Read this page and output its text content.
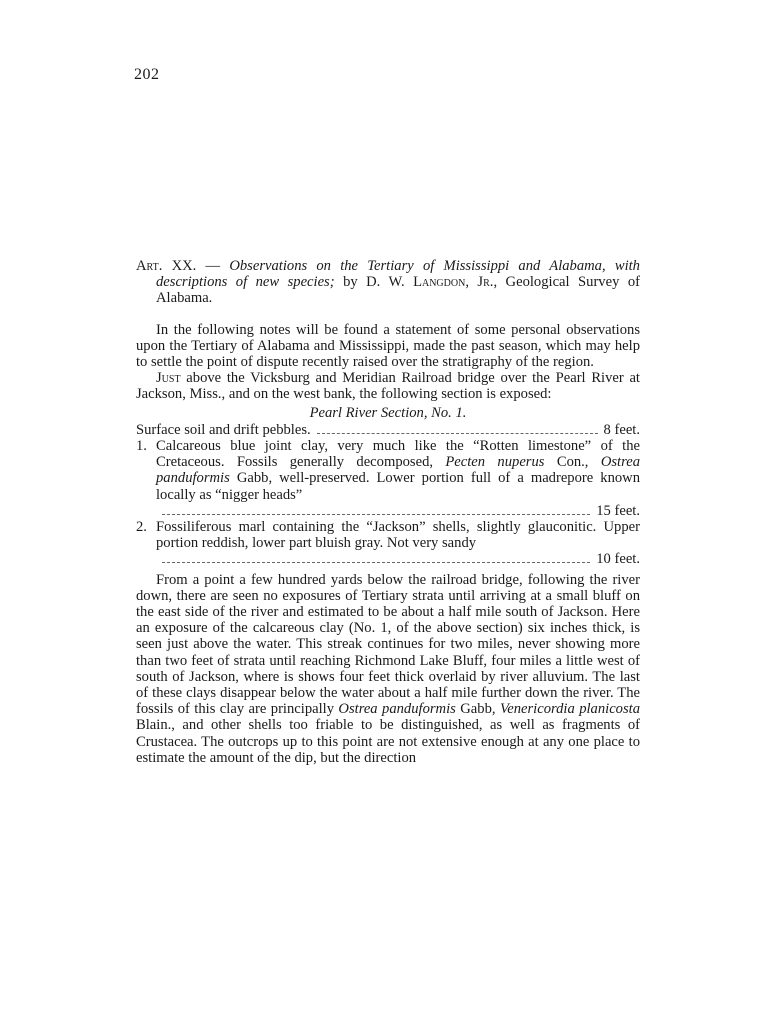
202
Art. XX. — Observations on the Tertiary of Mississippi and Alabama, with descriptions of new species; by D. W. Langdon, Jr., Geological Survey of Alabama.

In the following notes will be found a statement of some personal observations upon the Tertiary of Alabama and Mississippi, made the past season, which may help to settle the point of dispute recently raised over the stratigraphy of the region.

Just above the Vicksburg and Meridian Railroad bridge over the Pearl River at Jackson, Miss., and on the west bank, the following section is exposed:

Pearl River Section, No. 1.
Surface soil and drift pebbles.	8 feet.
1. Calcareous blue joint clay, very much like the “Rotten limestone” of the Cretaceous. Fossils generally decomposed, Pecten nuperus Con., Ostrea panduformis Gabb, well-preserved. Lower portion full of a madrepore known locally as “nigger heads”
15 feet.
2. Fossiliferous marl containing the “Jackson” shells, slightly glauconitic. Upper portion reddish, lower part bluish gray. Not very sandy
10 feet.

From a point a few hundred yards below the railroad bridge, following the river down, there are seen no exposures of Tertiary strata until arriving at a small bluff on the east side of the river and estimated to be about a half mile south of Jackson. Here an exposure of the calcareous clay (No. 1, of the above section) six inches thick, is seen just above the water. This streak continues for two miles, never showing more than two feet of strata until reaching Richmond Lake Bluff, four miles a little west of south of Jackson, where is shows four feet thick overlaid by river alluvium. The last of these clays disappear below the water about a half mile further down the river. The fossils of this clay are principally Ostrea panduformis Gabb, Venericordia planicosta Blain., and other shells too friable to be distinguished, as well as fragments of Crustacea. The outcrops up to this point are not extensive enough at any one place to estimate the amount of the dip, but the direction
